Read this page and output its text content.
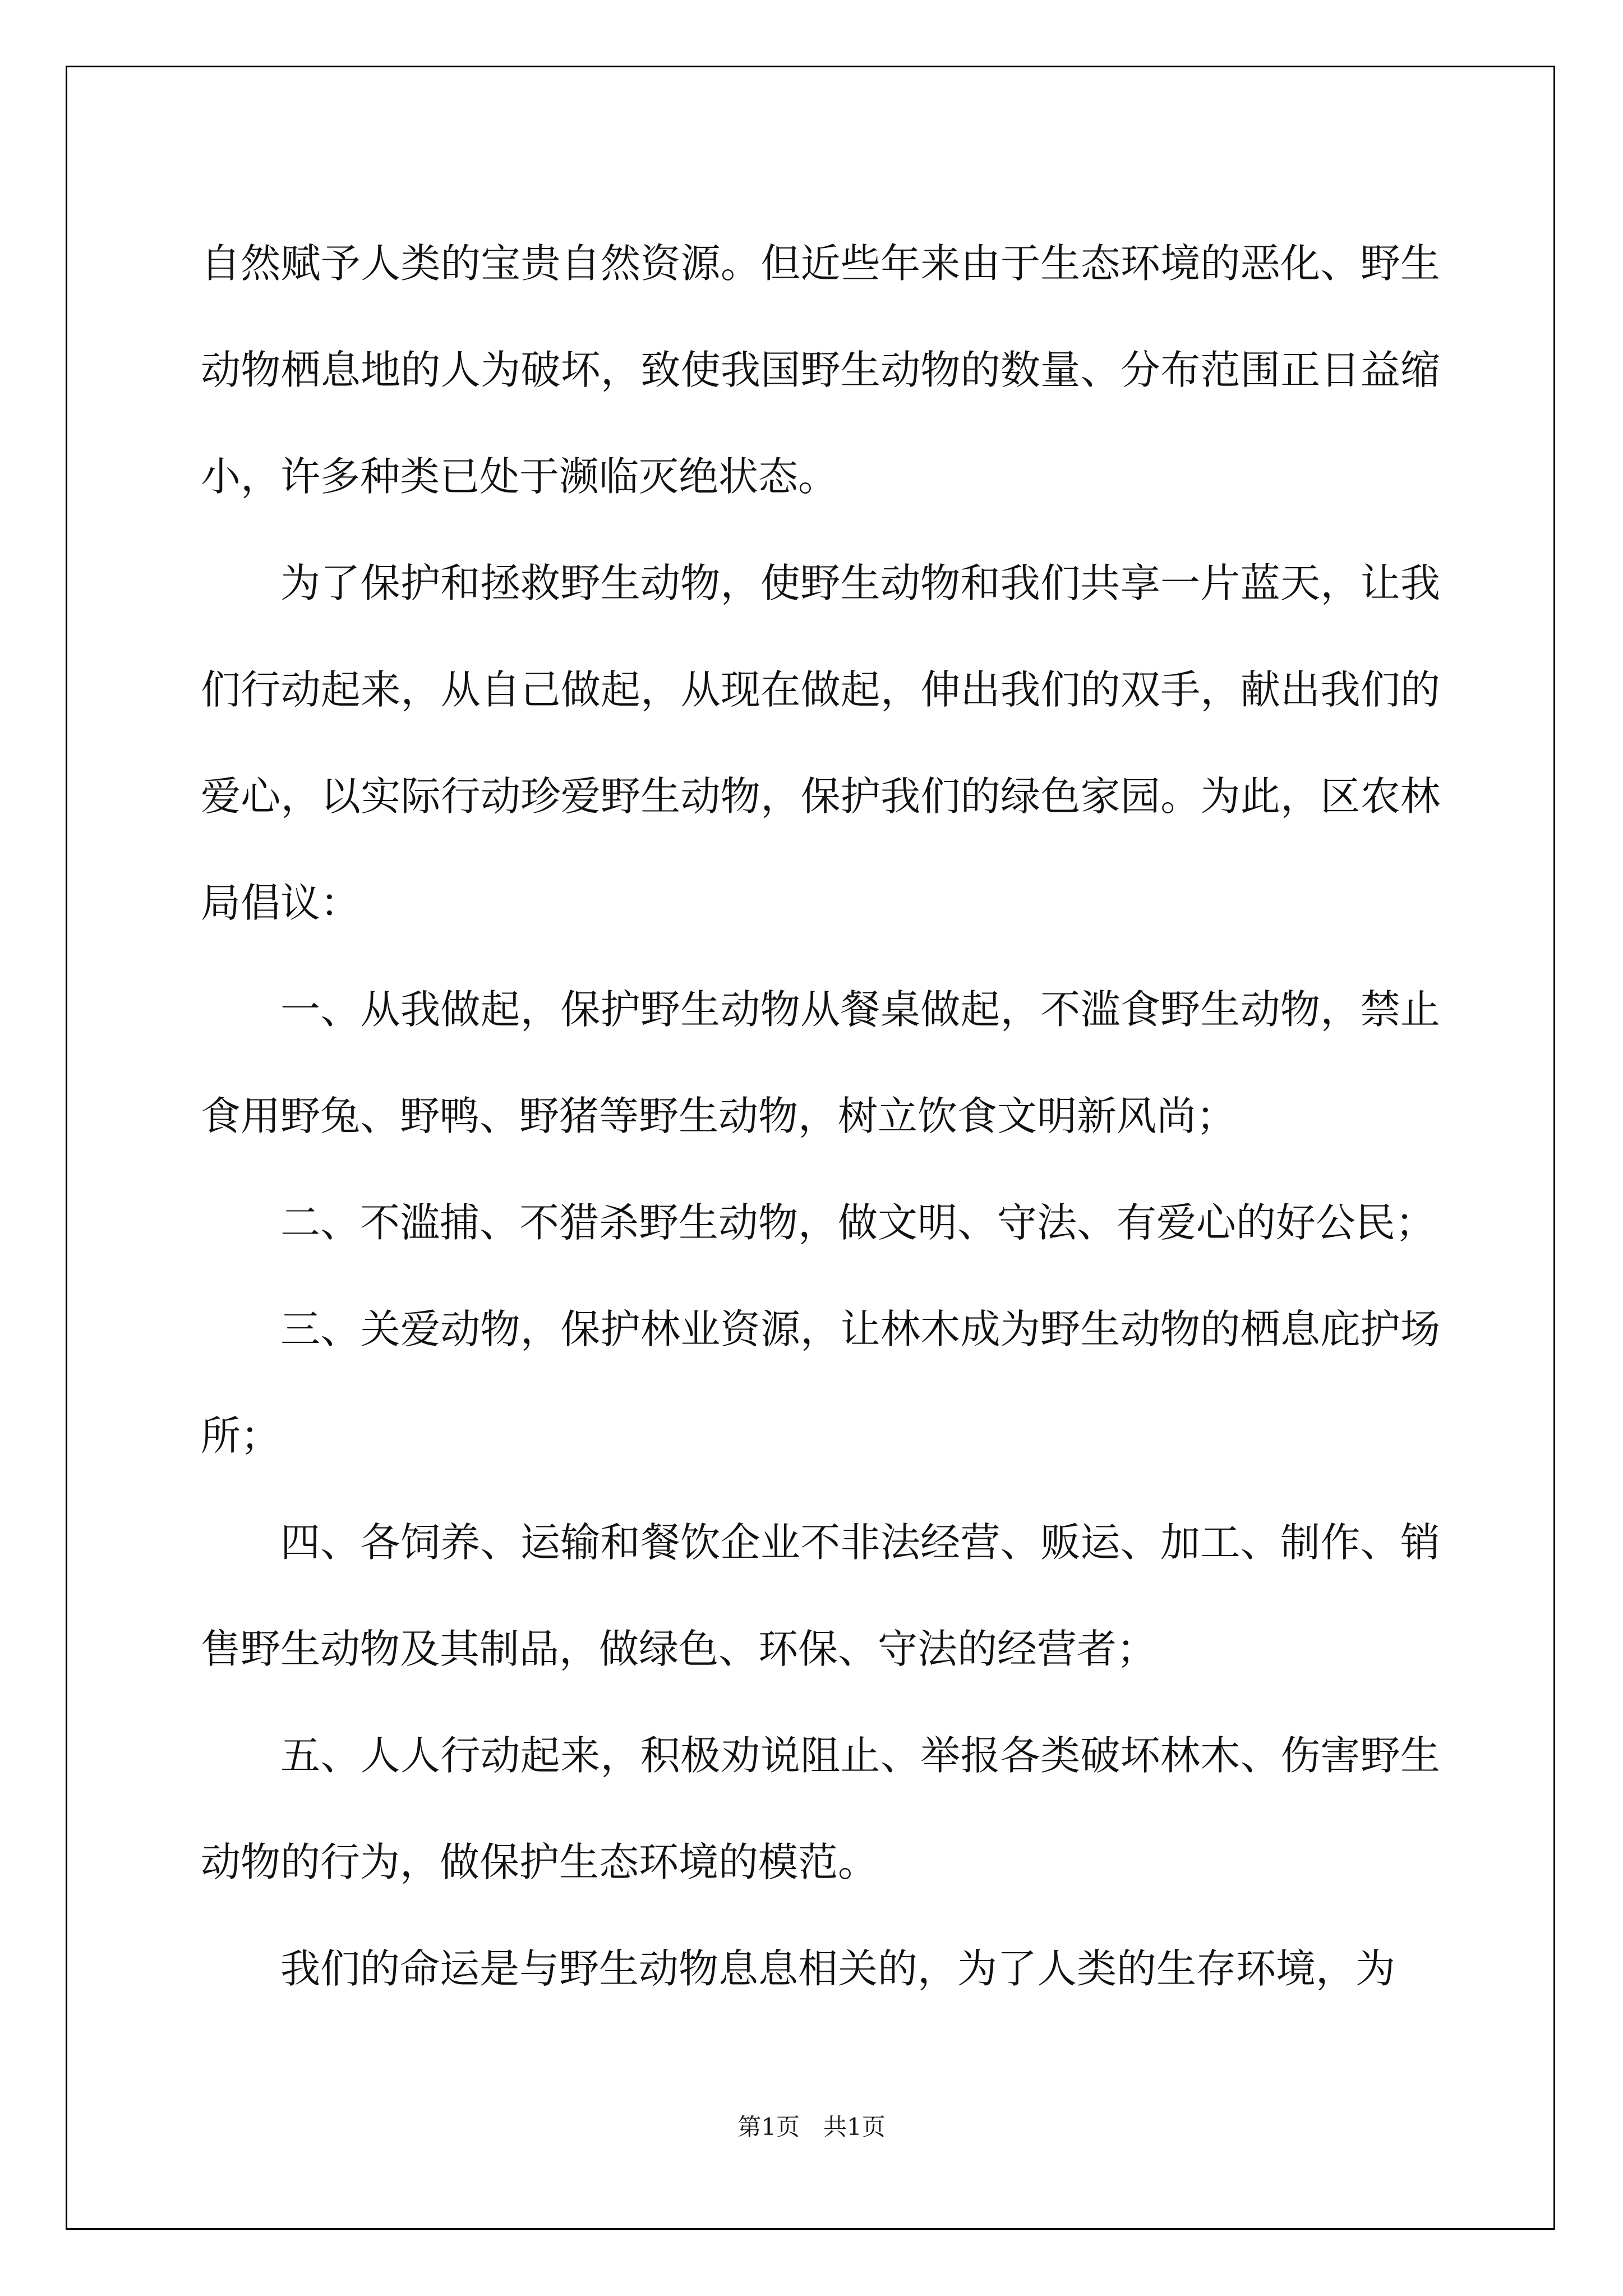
自然赋予人类的宝贵自然资源。但近些年来由于生态环境的恶化、野生动物栖息地的人为破坏，致使我国野生动物的数量、分布范围正日益缩小，许多种类已处于濒临灭绝状态。

为了保护和拯救野生动物，使野生动物和我们共享一片蓝天，让我们行动起来，从自己做起，从现在做起，伸出我们的双手，献出我们的爱心，以实际行动珍爱野生动物，保护我们的绿色家园。为此，区农林局倡议：

一、从我做起，保护野生动物从餐桌做起，不滥食野生动物，禁止食用野兔、野鸭、野猪等野生动物，树立饮食文明新风尚；

二、不滥捕、不猎杀野生动物，做文明、守法、有爱心的好公民；

三、关爱动物，保护林业资源，让林木成为野生动物的栖息庇护场所；

四、各饲养、运输和餐饮企业不非法经营、贩运、加工、制作、销售野生动物及其制品，做绿色、环保、守法的经营者；

五、人人行动起来，积极劝说阻止、举报各类破坏林木、伤害野生动物的行为，做保护生态环境的模范。

我们的命运是与野生动物息息相关的，为了人类的生存环境，为

第1页　共1页
